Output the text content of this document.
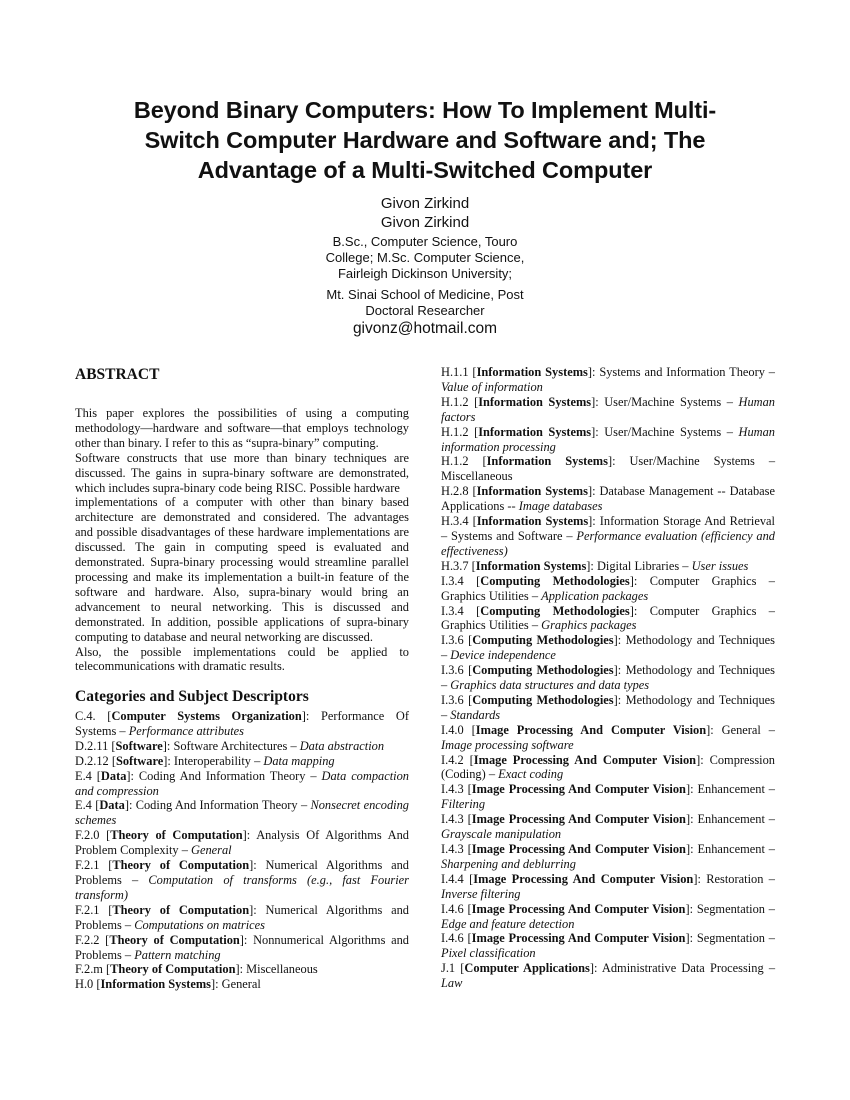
Beyond Binary Computers: How To Implement Multi-
Switch Computer Hardware and Software and; The
Advantage of a Multi-Switched Computer
Givon Zirkind
Givon Zirkind
B.Sc., Computer Science, Touro
College; M.Sc. Computer Science,
Fairleigh Dickinson University;
Mt. Sinai School of Medicine, Post
Doctoral Researcher
givonz@hotmail.com
ABSTRACT
This paper explores the possibilities of using a computing
methodology—hardware and software—that employs technology
other than binary. I refer to this as “supra-binary” computing.
Software constructs that use more than binary techniques are
discussed. The gains in supra-binary software are demonstrated,
which includes supra-binary code being RISC. Possible hardware
implementations of a computer with other than binary based
architecture are demonstrated and considered. The advantages
and possible disadvantages of these hardware implementations are
discussed. The gain in computing speed is evaluated and
demonstrated. Supra-binary processing would streamline parallel
processing and make its implementation a built-in feature of the
software and hardware. Also, supra-binary would bring an
advancement to neural networking. This is discussed and
demonstrated. In addition, possible applications of supra-binary
computing to database and neural networking are discussed.
Also, the possible implementations could be applied to
telecommunications with dramatic results.
Categories and Subject Descriptors

C.4. [Computer Systems Organization]: Performance Of Systems – Performance attributes

D.2.11 [Software]: Software Architectures – Data abstraction

D.2.12 [Software]: Interoperability – Data mapping

E.4 [Data]: Coding And Information Theory – Data compaction and compression

E.4 [Data]: Coding And Information Theory – Nonsecret encoding schemes

F.2.0 [Theory of Computation]: Analysis Of Algorithms And Problem Complexity – General

F.2.1 [Theory of Computation]: Numerical Algorithms and Problems – Computation of transforms (e.g., fast Fourier transform)

F.2.1 [Theory of Computation]: Numerical Algorithms and Problems – Computations on matrices

F.2.2 [Theory of Computation]: Nonnumerical Algorithms and Problems – Pattern matching

F.2.m [Theory of Computation]: Miscellaneous

H.0 [Information Systems]: General

H.1.1 [Information Systems]: Systems and Information Theory – Value of information

H.1.2 [Information Systems]: User/Machine Systems – Human factors

H.1.2 [Information Systems]: User/Machine Systems – Human information processing

H.1.2 [Information Systems]: User/Machine Systems – Miscellaneous

H.2.8 [Information Systems]: Database Management -- Database Applications -- Image databases

H.3.4 [Information Systems]: Information Storage And Retrieval – Systems and Software – Performance evaluation (efficiency and effectiveness)

H.3.7 [Information Systems]: Digital Libraries – User issues

I.3.4 [Computing Methodologies]: Computer Graphics – Graphics Utilities – Application packages

I.3.4 [Computing Methodologies]: Computer Graphics – Graphics Utilities – Graphics packages

I.3.6 [Computing Methodologies]: Methodology and Techniques – Device independence

I.3.6 [Computing Methodologies]: Methodology and Techniques – Graphics data structures and data types

I.3.6 [Computing Methodologies]: Methodology and Techniques – Standards

I.4.0 [Image Processing And Computer Vision]: General – Image processing software

I.4.2 [Image Processing And Computer Vision]: Compression (Coding) – Exact coding

I.4.3 [Image Processing And Computer Vision]: Enhancement – Filtering

I.4.3 [Image Processing And Computer Vision]: Enhancement – Grayscale manipulation

I.4.3 [Image Processing And Computer Vision]: Enhancement – Sharpening and deblurring

I.4.4 [Image Processing And Computer Vision]: Restoration – Inverse filtering

I.4.6 [Image Processing And Computer Vision]: Segmentation – Edge and feature detection

I.4.6 [Image Processing And Computer Vision]: Segmentation – Pixel classification

J.1 [Computer Applications]: Administrative Data Processing – Law
